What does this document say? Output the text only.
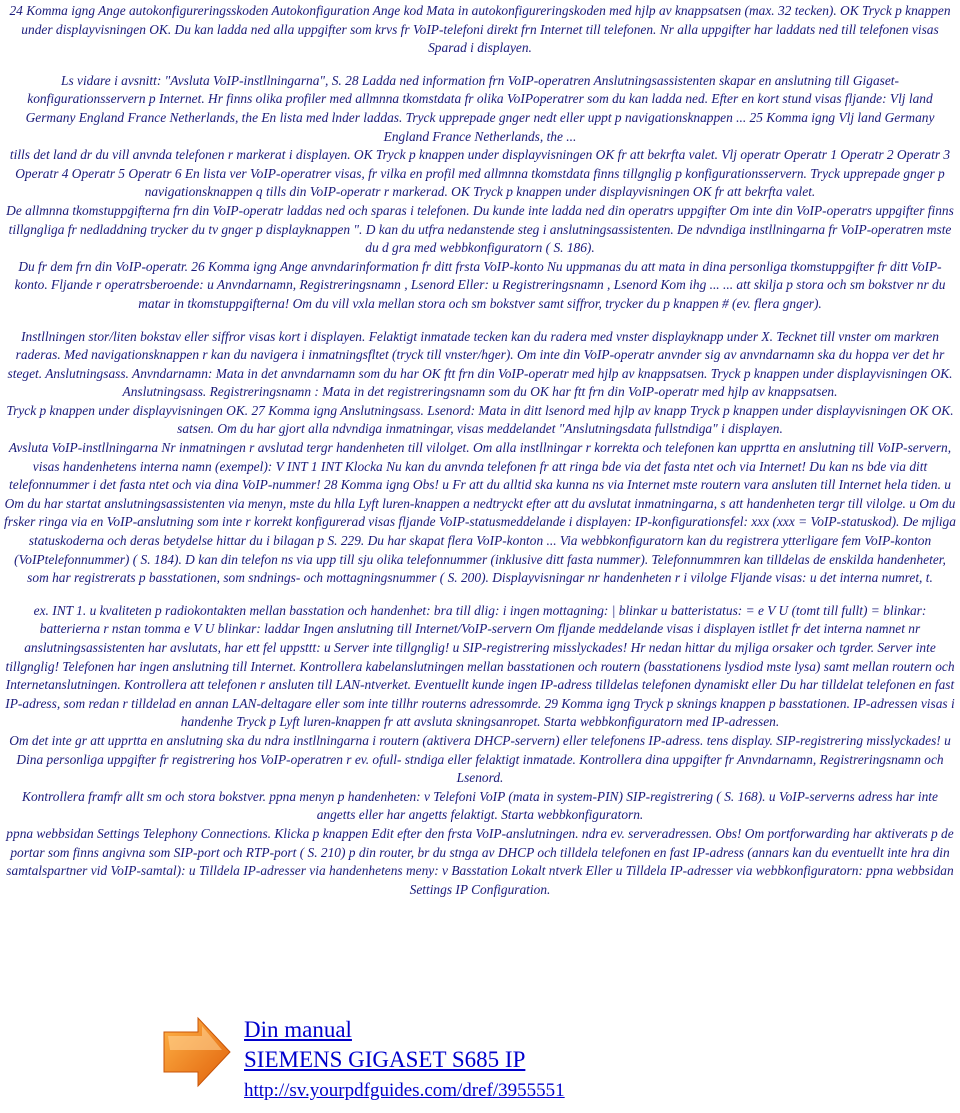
24 Komma igng Ange autokonfigureringsskoden Autokonfiguration Ange kod Mata in autokonfigureringskoden med hjlp av knappsatsen (max. 32 tecken). OK Tryck p knappen under displayvisningen OK. Du kan ladda ned alla uppgifter som krvs fr VoIP-telefoni direkt frn Internet till telefonen. Nr alla uppgifter har laddats ned till telefonen visas Sparad i displayen.

Ls vidare i avsnitt: "Avsluta VoIP-instllningarna", S. 28 Ladda ned information frn VoIP-operatren Anslutningsassistenten skapar en anslutning till Gigaset-konfigurationsservern p Internet. Hr finns olika profiler med allmnna tkomstdata fr olika VoIPoperatrer som du kan ladda ned. Efter en kort stund visas fljande: Vlj land Germany England France Netherlands, the En lista med lnder laddas. Tryck upprepade gnger nedt eller uppt p navigationsknappen ... 25 Komma igng Vlj land Germany England France Netherlands, the ...

tills det land dr du vill anvnda telefonen r markerat i displayen. OK Tryck p knappen under displayvisningen OK fr att bekrfta valet. Vlj operatr Operatr 1 Operatr 2 Operatr 3 Operatr 4 Operatr 5 Operatr 6 En lista ver VoIP-operatrer visas, fr vilka en profil med allmnna tkomstdata finns tillgnglig p konfigurationsservern. Tryck upprepade gnger p navigationsknappen q tills din VoIP-operatr r markerad. OK Tryck p knappen under displayvisningen OK fr att bekrfta valet.

De allmnna tkomstuppgifterna frn din VoIP-operatr laddas ned och sparas i telefonen. Du kunde inte ladda ned din operatrs uppgifter Om inte din VoIP-operatrs uppgifter finns tillgngliga fr nedladdning trycker du tv gnger p displayknappen ". D kan du utfra nedanstende steg i anslutningsassistenten. De ndvndiga instllningarna fr VoIP-operatren mste du d gra med webbkonfiguratorn ( S. 186).

Du fr dem frn din VoIP-operatr. 26 Komma igng Ange anvndarinformation fr ditt frsta VoIP-konto Nu uppmanas du att mata in dina personliga tkomstuppgifter fr ditt VoIP-konto. Fljande r operatrsberoende: u Anvndarnamn, Registreringsnamn , Lsenord Eller: u Registreringsnamn , Lsenord Kom ihg ... ... att skilja p stora och sm bokstver nr du matar in tkomstuppgifterna! Om du vill vxla mellan stora och sm bokstver samt siffror, trycker du p knappen # (ev. flera gnger).

Instllningen stor/liten bokstav eller siffror visas kort i displayen. Felaktigt inmatade tecken kan du radera med vnster displayknapp under X. Tecknet till vnster om markren raderas. Med navigationsknappen r kan du navigera i inmatningsfltet (tryck till vnster/hger). Om inte din VoIP-operatr anvnder sig av anvndarnamn ska du hoppa ver det hr steget. Anslutningsass. Anvndarnamn: Mata in det anvndarnamn som du har OK ftt frn din VoIP-operatr med hjlp av knappsatsen. Tryck p knappen under displayvisningen OK. Anslutningsass. Registreringsnamn : Mata in det registreringsnamn som du OK har ftt frn din VoIP-operatr med hjlp av knappsatsen.

Tryck p knappen under displayvisningen OK. 27 Komma igng Anslutningsass. Lsenord: Mata in ditt lsenord med hjlp av knapp Tryck p knappen under displayvisningen OK OK. satsen. Om du har gjort alla ndvndiga inmatningar, visas meddelandet "Anslutningsdata fullstndiga" i displayen.

Avsluta VoIP-instllningarna Nr inmatningen r avslutad tergr handenheten till vilolget. Om alla instllningar r korrekta och telefonen kan upprtta en anslutning till VoIP-servern, visas handenhetens interna namn (exempel): V INT 1 INT Klocka Nu kan du anvnda telefonen fr att ringa bde via det fasta ntet och via Internet! Du kan ns bde via ditt telefonnummer i det fasta ntet och via dina VoIP-nummer! 28 Komma igng Obs! u Fr att du alltid ska kunna ns via Internet mste routern vara ansluten till Internet hela tiden. u Om du har startat anslutningsassistenten via menyn, mste du hlla Lyft luren-knappen a nedtryckt efter att du avslutat inmatningarna, s att handenheten tergr till vilolge. u Om du frsker ringa via en VoIP-anslutning som inte r korrekt konfigurerad visas fljande VoIP-statusmeddelande i displayen: IP-konfigurationsfel: xxx (xxx = VoIP-statuskod). De mjliga statuskoderna och deras betydelse hittar du i bilagan p S. 229. Du har skapat flera VoIP-konton ... Via webbkonfiguratorn kan du registrera ytterligare fem VoIP-konton (VoIPtelefonnummer) ( S. 184). D kan din telefon ns via upp till sju olika telefonnummer (inklusive ditt fasta nummer). Telefonnummren kan tilldelas de enskilda handenheter, som har registrerats p basstationen, som sndnings- och mottagningsnummer ( S. 200). Displayvisningar nr handenheten r i vilolge Fljande visas: u det interna numret, t.

ex. INT 1. u kvaliteten p radiokontakten mellan basstation och handenhet: bra till dlig: i ingen mottagning: | blinkar u batteristatus: = e V U (tomt till fullt) = blinkar: batterierna r nstan tomma e V U blinkar: laddar Ingen anslutning till Internet/VoIP-servern Om fljande meddelande visas i displayen istllet fr det interna namnet nr anslutningsassistenten har avslutats, har ett fel uppsttt: u Server inte tillgnglig! u SIP-registrering misslyckades! Hr nedan hittar du mjliga orsaker och tgrder. Server inte tillgnglig! Telefonen har ingen anslutning till Internet. Kontrollera kabelanslutningen mellan basstationen och routern (basstationens lysdiod mste lysa) samt mellan routern och Internetanslutningen. Kontrollera att telefonen r ansluten till LAN-ntverket. Eventuellt kunde ingen IP-adress tilldelas telefonen dynamiskt eller Du har tilldelat telefonen en fast IP-adress, som redan r tilldelad en annan LAN-deltagare eller som inte tillhr routerns adressomrde. 29 Komma igng Tryck p sknings knappen p basstationen. IP-adressen visas i handenhe Tryck p Lyft luren-knappen fr att avsluta skningsanropet. Starta webbkonfiguratorn med IP-adressen.

Om det inte gr att upprtta en anslutning ska du ndra instllningarna i routern (aktivera DHCP-servern) eller telefonens IP-adress. tens display. SIP-registrering misslyckades! u Dina personliga uppgifter fr registrering hos VoIP-operatren r ev. ofull- stndiga eller felaktigt inmatade. Kontrollera dina uppgifter fr Anvndarnamn, Registreringsnamn och Lsenord.

Kontrollera framfr allt sm och stora bokstver. ppna menyn p handenheten: v Telefoni VoIP (mata in system-PIN) SIP-registrering ( S. 168). u VoIP-serverns adress har inte angetts eller har angetts felaktigt. Starta webbkonfiguratorn.

ppna webbsidan Settings Telephony Connections. Klicka p knappen Edit efter den frsta VoIP-anslutningen. ndra ev. serveradressen. Obs! Om portforwarding har aktiverats p de portar som finns angivna som SIP-port och RTP-port ( S. 210) p din router, br du stnga av DHCP och tilldela telefonen en fast IP-adress (annars kan du eventuellt inte hra din samtalspartner vid VoIP-samtal): u Tilldela IP-adresser via handenhetens meny: v Basstation Lokalt ntverk Eller u Tilldela IP-adresser via webbkonfiguratorn: ppna webbsidan Settings IP Configuration.

Din manual
SIEMENS GIGASET S685 IP
http://sv.yourpdfguides.com/dref/3955551
